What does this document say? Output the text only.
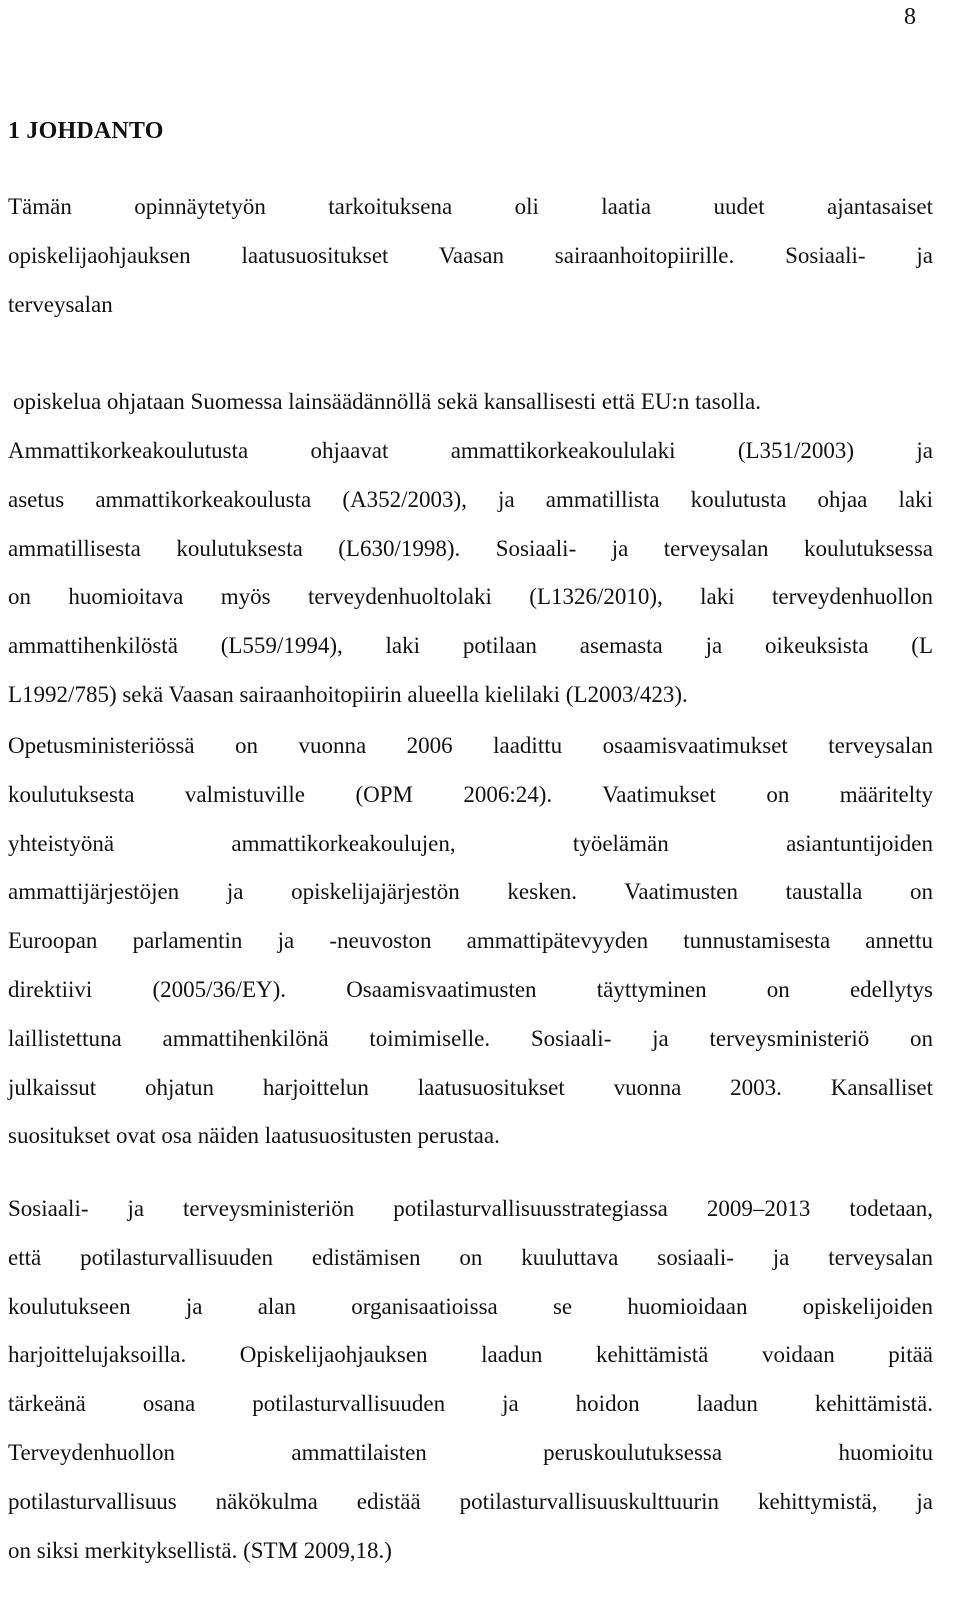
8
1 JOHDANTO
Tämän opinnäytetyön tarkoituksena oli laatia uudet ajantasaiset
opiskelijaohjauksen laatusuositukset Vaasan sairaanhoitopiirille. Sosiaali- ja
terveysalan
opiskelua ohjataan Suomessa lainsäädännöllä sekä kansallisesti että EU:n tasolla.
Ammattikorkeakoulutusta ohjaavat ammattikorkeakoululaki (L351/2003) ja
asetus ammattikorkeakoulusta (A352/2003), ja ammatillista koulutusta ohjaa laki
ammatillisesta koulutuksesta (L630/1998). Sosiaali- ja terveysalan koulutuksessa
on huomioitava myös terveydenhuoltolaki (L1326/2010), laki terveydenhuollon
ammattihenkilöstä (L559/1994), laki potilaan asemasta ja oikeuksista (L
L1992/785) sekä Vaasan sairaanhoitopiirin alueella kielilaki (L2003/423).
Opetusministeriössä on vuonna 2006 laadittu osaamisvaatimukset terveysalan
koulutuksesta valmistuville (OPM 2006:24). Vaatimukset on määritelty
yhteistyönä ammattikorkeakoulujen, työelämän asiantuntijoiden
ammattijärjestöjen ja opiskelijajärjestön kesken. Vaatimusten taustalla on
Euroopan parlamentin ja -neuvoston ammattipätevyyden tunnustamisesta annettu
direktiivi (2005/36/EY). Osaamisvaatimusten täyttyminen on edellytys
laillistettuna ammattihenkilönä toimimiselle. Sosiaali- ja terveysministeriö on
julkaissut ohjatun harjoittelun laatusuositukset vuonna 2003. Kansalliset
suositukset ovat osa näiden laatusuositusten perustaa.
Sosiaali- ja terveysministeriön potilasturvallisuusstrategiassa 2009–2013 todetaan,
että potilasturvallisuuden edistämisen on kuuluttava sosiaali- ja terveysalan
koulutukseen ja alan organisaatioissa se huomioidaan opiskelijoiden
harjoittelujaksoilla. Opiskelijaohjauksen laadun kehittämistä voidaan pitää
tärkeänä osana potilasturvallisuuden ja hoidon laadun kehittämistä.
Terveydenhuollon ammattilaisten peruskoulutuksessa huomioitu
potilasturvallisuus näkökulma edistää potilasturvallisuuskulttuurin kehittymistä, ja
on siksi merkityksellistä. (STM 2009,18.)
